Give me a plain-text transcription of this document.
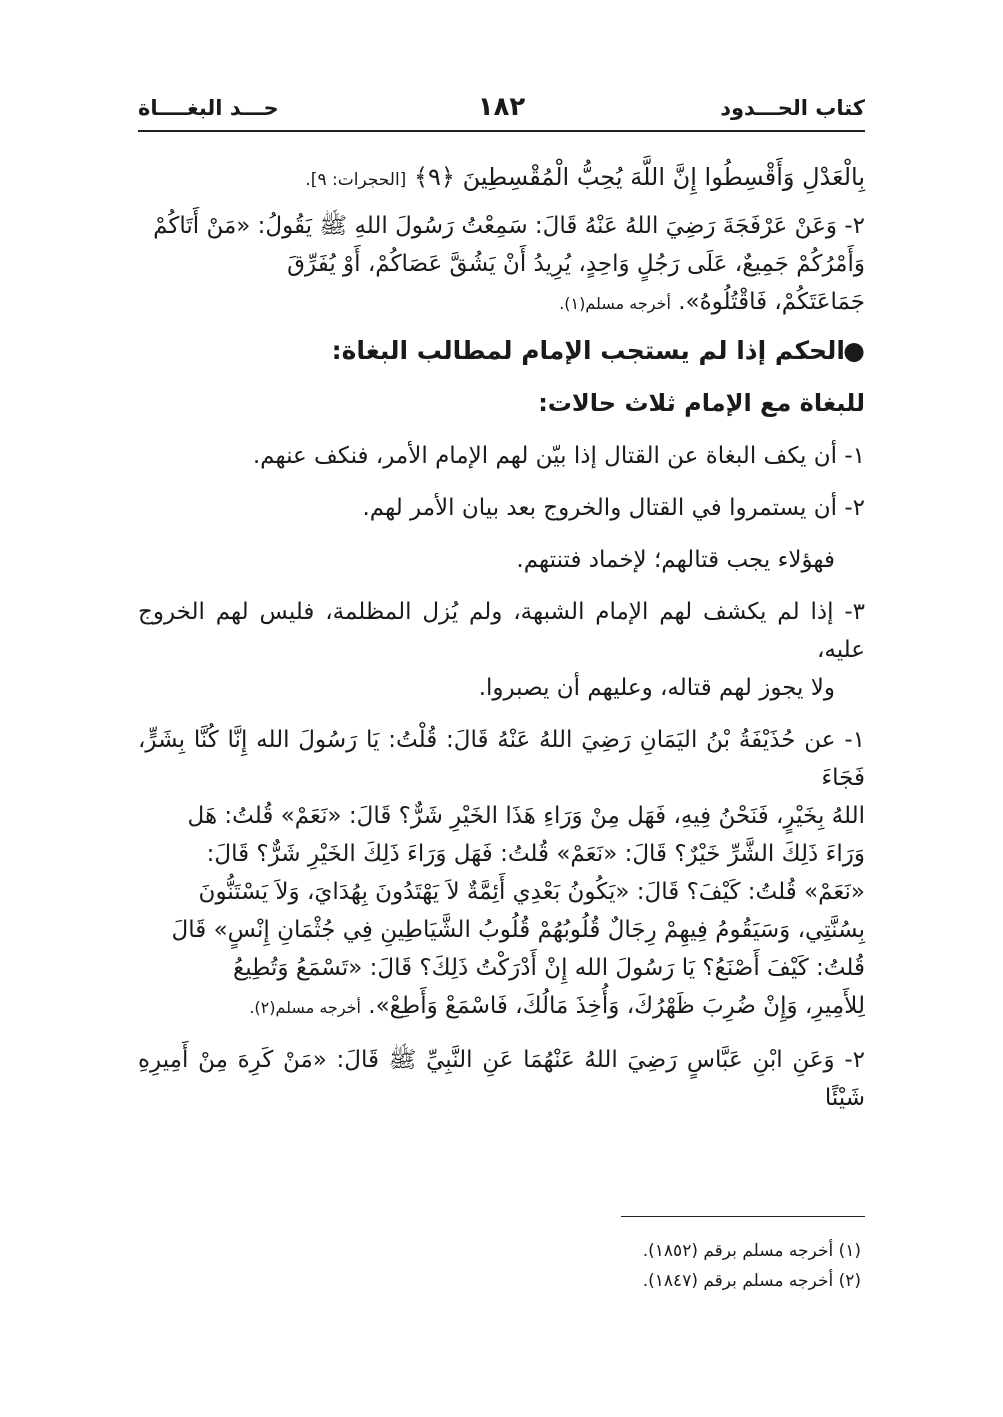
كتاب الحـــدود
١٨٢
حـــد البغــــاة

بِالْعَدْلِ وَأَقْسِطُوا إِنَّ اللَّهَ يُحِبُّ الْمُقْسِطِينَ ﴿٩﴾ [الحجرات: ٩].

٢- وَعَنْ عَرْفَجَةَ رَضِيَ اللهُ عَنْهُ قَالَ: سَمِعْتُ رَسُولَ اللهِ ﷺ يَقُولُ: «مَنْ أَتَاكُمْ

وَأَمْرُكُمْ جَمِيعٌ، عَلَى رَجُلٍ وَاحِدٍ، يُرِيدُ أَنْ يَشُقَّ عَصَاكُمْ، أَوْ يُفَرِّقَ

جَمَاعَتَكُمْ، فَاقْتُلُوهُ». أخرجه مسلم(١).

●
الحكم إذا لم يستجب الإمام لمطالب البغاة:

للبغاة مع الإمام ثلاث حالات:

١- أن يكف البغاة عن القتال إذا بيّن لهم الإمام الأمر، فنكف عنهم.

٢- أن يستمروا في القتال والخروج بعد بيان الأمر لهم.

فهؤلاء يجب قتالهم؛ لإخماد فتنتهم.

٣- إذا لم يكشف لهم الإمام الشبهة، ولم يُزل المظلمة، فليس لهم الخروج عليه،

ولا يجوز لهم قتاله، وعليهم أن يصبروا.

١- عن حُذَيْفَةُ بْنُ اليَمَانِ رَضِيَ اللهُ عَنْهُ قَالَ: قُلْتُ: يَا رَسُولَ الله إِنَّا كُنَّا بِشَرٍّ، فَجَاءَ

اللهُ بِخَيْرٍ، فَنَحْنُ فِيهِ، فَهَل مِنْ وَرَاءِ هَذَا الخَيْرِ شَرٌّ؟ قَالَ: «نَعَمْ» قُلتُ: هَل

وَرَاءَ ذَلِكَ الشَّرِّ خَيْرٌ؟ قَالَ: «نَعَمْ» قُلتُ: فَهَل وَرَاءَ ذَلِكَ الخَيْرِ شَرٌّ؟ قَالَ:

«نَعَمْ» قُلتُ: كَيْفَ؟ قَالَ: «يَكُونُ بَعْدِي أَئِمَّةٌ لاَ يَهْتَدُونَ بِهُدَايَ، وَلاَ يَسْتَنُّونَ

بِسُنَّتِي، وَسَيَقُومُ فِيهِمْ رِجَالٌ قُلُوبُهُمْ قُلُوبُ الشَّيَاطِينِ فِي جُثْمَانِ إِنْسٍ» قَالَ

قُلتُ: كَيْفَ أَصْنَعُ؟ يَا رَسُولَ الله إِنْ أَدْرَكْتُ ذَلِكَ؟ قَالَ: «تَسْمَعُ وَتُطِيعُ

لِلأَمِيرِ، وَإِنْ ضُرِبَ ظَهْرُكَ، وَأُخِذَ مَالُكَ، فَاسْمَعْ وَأَطِعْ». أخرجه مسلم(٢).

٢- وَعَنِ ابْنِ عَبَّاسٍ رَضِيَ اللهُ عَنْهُمَا عَنِ النَّبِيِّ ﷺ قَالَ: «مَنْ كَرِهَ مِنْ أَمِيرِهِ شَيْئًا

(١) أخرجه مسلم برقم (١٨٥٢).

(٢) أخرجه مسلم برقم (١٨٤٧).
